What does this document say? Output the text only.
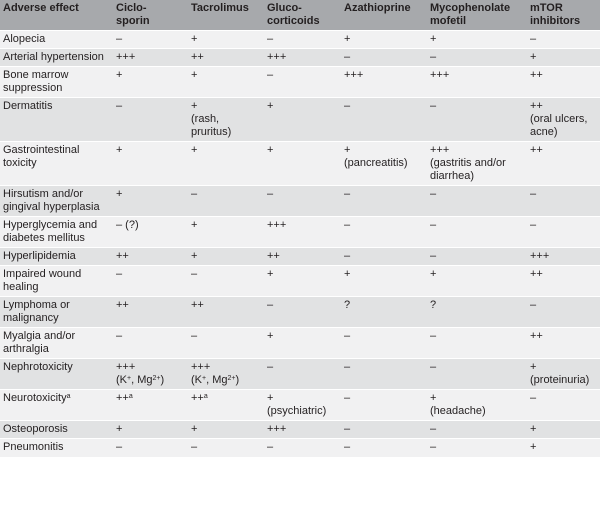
Adverse effect	Ciclo-
sporin	Tacrolimus	Gluco-
corticoids	Azathioprine	Mycophenolate
mofetil	mTOR
inhibitors

Alopecia	–	+	–	+	+	–

Arterial hypertension	+++	++	+++	–	–	+

Bone marrow
suppression	+	+	–	+++	+++	++

Dermatitis	–	+
(rash,
pruritus)	+	–	–	++
(oral ulcers,
acne)

Gastrointestinal
toxicity	+	+	+	+
(pancreatitis)	+++
(gastritis and/or
diarrhea)	++

Hirsutism and/or
gingival hyperplasia	+	–	–	–	–	–

Hyperglycemia and
diabetes mellitus	– (?)	+	+++	–	–	–

Hyperlipidemia	++	+	++	–	–	+++

Impaired wound
healing	–	–	+	+	+	++

Lymphoma or
malignancy	++	++	–	?	?	–

Myalgia and/or
arthralgia	–	–	+	–	–	++

Nephrotoxicity	+++
(K+, $Mg^{2+}$)	+++
(K+, $Mg^{2+}$)	–	–	–	+
(proteinuria)

Neurotoxicity$^a$	++$^a$	++$^a$	+
(psychiatric)	–	+
(headache)	–

Osteoporosis	+	+	+++	–	–	+

Pneumonitis	–	–	–	–	–	+
